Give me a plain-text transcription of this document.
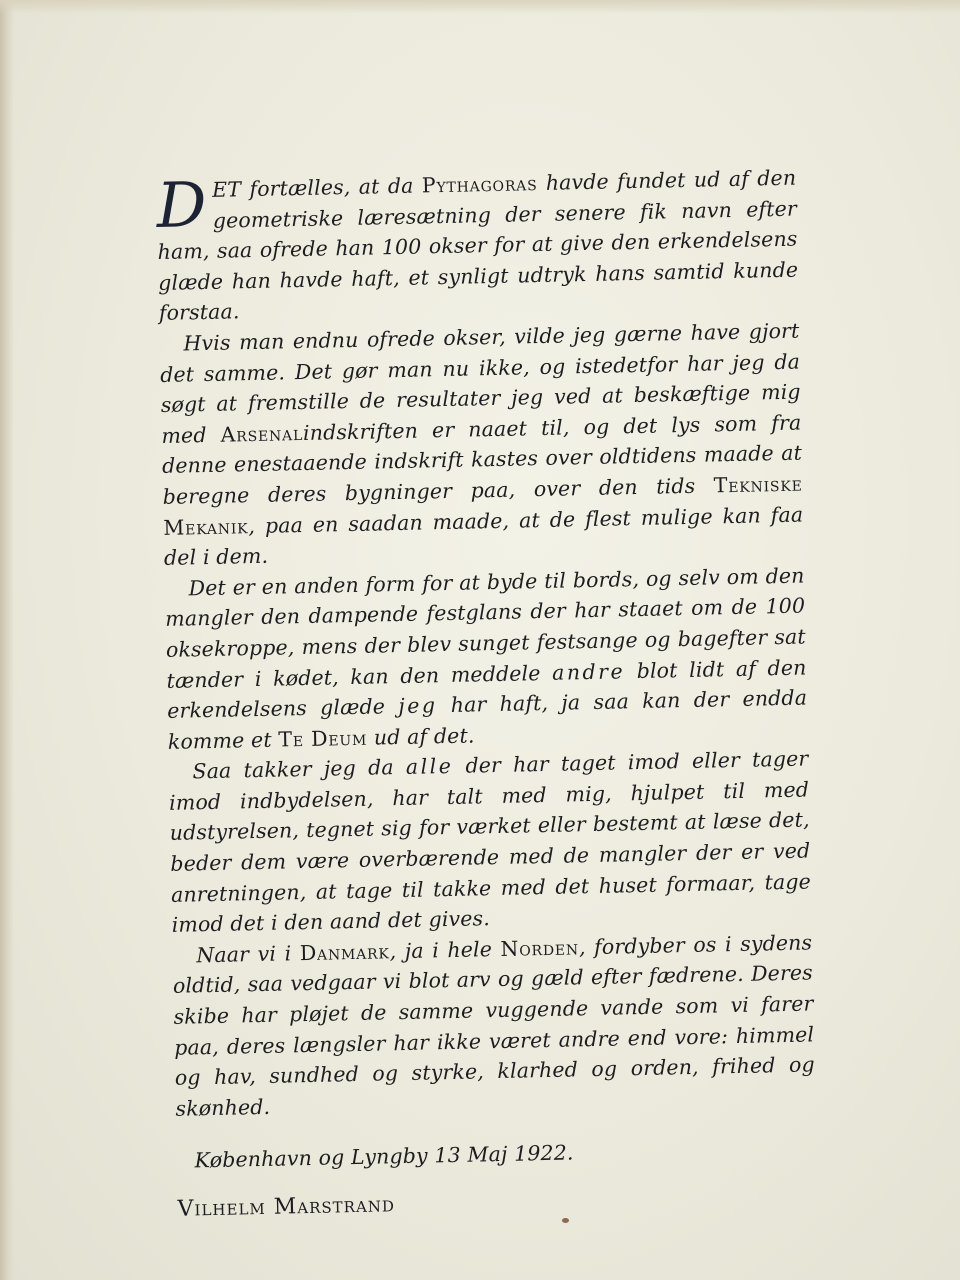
DET fortælles, at da Pythagoras havde fundet ud af den geometriske læresætning der senere fik navn efter ham, saa ofrede han 100 okser for at give den erkendelsens glæde han havde haft, et synligt udtryk hans samtid kunde forstaa.

Hvis man endnu ofrede okser, vilde jeg gærne have gjort det samme. Det gør man nu ikke, og istedetfor har jeg da søgt at fremstille de resultater jeg ved at beskæftige mig med Arsenalindskriften er naaet til, og det lys som fra denne enestaaende indskrift kastes over oldtidens maade at beregne deres bygninger paa, over den tids Tekniske Mekanik, paa en saadan maade, at de flest mulige kan faa del i dem.

Det er en anden form for at byde til bords, og selv om den mangler den dampende festglans der har staaet om de 100 oksekroppe, mens der blev sunget festsange og bagefter sat tænder i kødet, kan den meddele andre blot lidt af den erkendelsens glæde jeg har haft, ja saa kan der endda komme et Te Deum ud af det.

Saa takker jeg da alle der har taget imod eller tager imod indbydelsen, har talt med mig, hjulpet til med udstyrelsen, tegnet sig for værket eller bestemt at læse det, beder dem være overbærende med de mangler der er ved anretningen, at tage til takke med det huset formaar, tage imod det i den aand det gives.

Naar vi i Danmark, ja i hele Norden, fordyber os i sydens oldtid, saa vedgaar vi blot arv og gæld efter fædrene. Deres skibe har pløjet de samme vuggende vande som vi farer paa, deres længsler har ikke været andre end vore: himmel og hav, sundhed og styrke, klarhed og orden, frihed og skønhed.

København og Lyngby 13 Maj 1922.

Vilhelm Marstrand
